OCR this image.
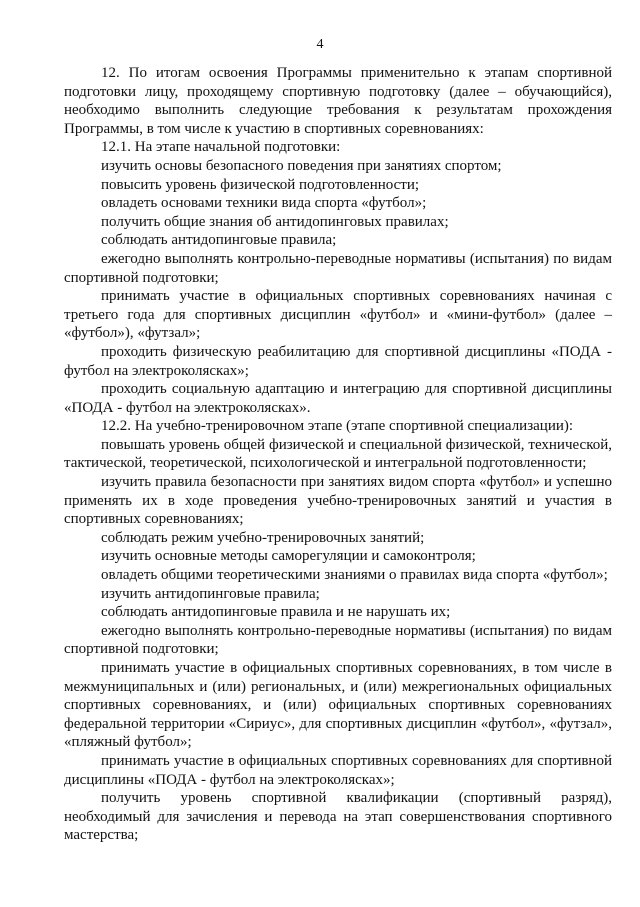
4

12. По итогам освоения Программы применительно к этапам спортивной подготовки лицу, проходящему спортивную подготовку (далее – обучающийся), необходимо выполнить следующие требования к результатам прохождения Программы, в том числе к участию в спортивных соревнованиях:

12.1. На этапе начальной подготовки:

изучить основы безопасного поведения при занятиях спортом;

повысить уровень физической подготовленности;

овладеть основами техники вида спорта «футбол»;

получить общие знания об антидопинговых правилах;

соблюдать антидопинговые правила;

ежегодно выполнять контрольно-переводные нормативы (испытания) по видам спортивной подготовки;

принимать участие в официальных спортивных соревнованиях начиная с третьего года для спортивных дисциплин «футбол» и «мини-футбол» (далее – «футбол»), «футзал»;

проходить физическую реабилитацию для спортивной дисциплины «ПОДА - футбол на электроколясках»;

проходить социальную адаптацию и интеграцию для спортивной дисциплины «ПОДА - футбол на электроколясках».

12.2. На учебно-тренировочном этапе (этапе спортивной специализации):

повышать уровень общей физической и специальной физической, технической, тактической, теоретической, психологической и интегральной подготовленности;

изучить правила безопасности при занятиях видом спорта «футбол» и успешно применять их в ходе проведения учебно-тренировочных занятий и участия в спортивных соревнованиях;

соблюдать режим учебно-тренировочных занятий;

изучить основные методы саморегуляции и самоконтроля;

овладеть общими теоретическими знаниями о правилах вида спорта «футбол»;

изучить антидопинговые правила;

соблюдать антидопинговые правила и не нарушать их;

ежегодно выполнять контрольно-переводные нормативы (испытания) по видам спортивной подготовки;

принимать участие в официальных спортивных соревнованиях, в том числе в межмуниципальных и (или) региональных, и (или) межрегиональных официальных спортивных соревнованиях, и (или) официальных спортивных соревнованиях федеральной территории «Сириус», для спортивных дисциплин «футбол», «футзал», «пляжный футбол»;

принимать участие в официальных спортивных соревнованиях для спортивной дисциплины «ПОДА - футбол на электроколясках»;

получить уровень спортивной квалификации (спортивный разряд), необходимый для зачисления и перевода на этап совершенствования спортивного мастерства;
